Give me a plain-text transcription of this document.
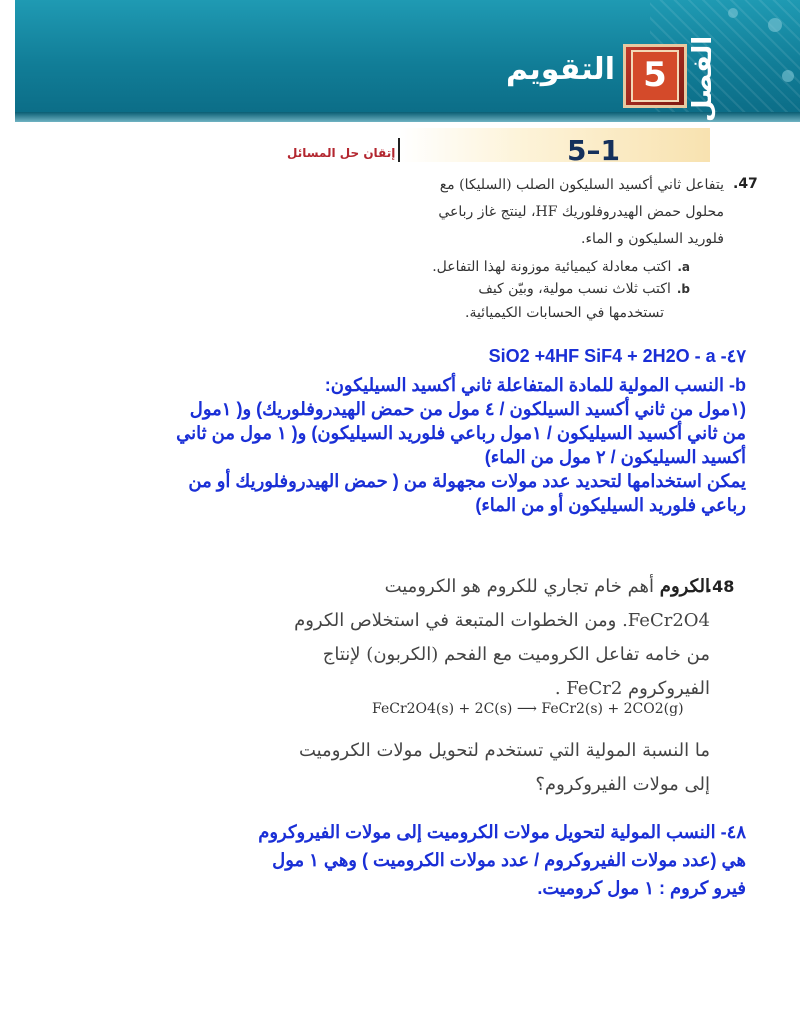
التقويم 5 الفصل
5–1
إتقان حل المسائل
.47
يتفاعل ثاني أكسيد السليكون الصلب (السليكا) مع
محلول حمض الهيدروفلوريك HF، لينتج غاز رباعي
فلوريد السليكون و الماء.
.aاكتب معادلة كيميائية موزونة لهذا التفاعل.
.bاكتب ثلاث نسب مولية، وبيّن كيف
تستخدمها في الحسابات الكيميائية.
SiO2 +4HF SiF4 + 2H2O - a -٤٧
b- النسب المولية للمادة المتفاعلة ثاني أكسيد السيليكون:
(١مول من ثاني أكسيد السيلكون / ٤ مول من حمض الهيدروفلوريك) و( ١مول
من ثاني أكسيد السيليكون / ١مول رباعي فلوريد السيليكون) و( ١ مول من ثاني
أكسيد السيليكون / ٢ مول من الماء)
يمكن استخدامها لتحديد عدد مولات مجهولة من ( حمض الهيدروفلوريك أو من
رباعي فلوريد السيليكون أو من الماء)
.48
الكروم أهم خام تجاري للكروم هو الكروميت
FeCr2O4. ومن الخطوات المتبعة في استخلاص الكروم
من خامه تفاعل الكروميت مع الفحم (الكربون) لإنتاج
الفيروكروم FeCr2 .
FeCr2O4(s) + 2C(s) ⟶ FeCr2(s) + 2CO2(g)
ما النسبة المولية التي تستخدم لتحويل مولات الكروميت
إلى مولات الفيروكروم؟
٤٨- النسب المولية لتحويل مولات الكروميت إلى مولات الفيروكروم
هي (عدد مولات الفيروكروم / عدد مولات الكروميت ) وهي ١ مول
فيرو كروم : ١ مول كروميت.
